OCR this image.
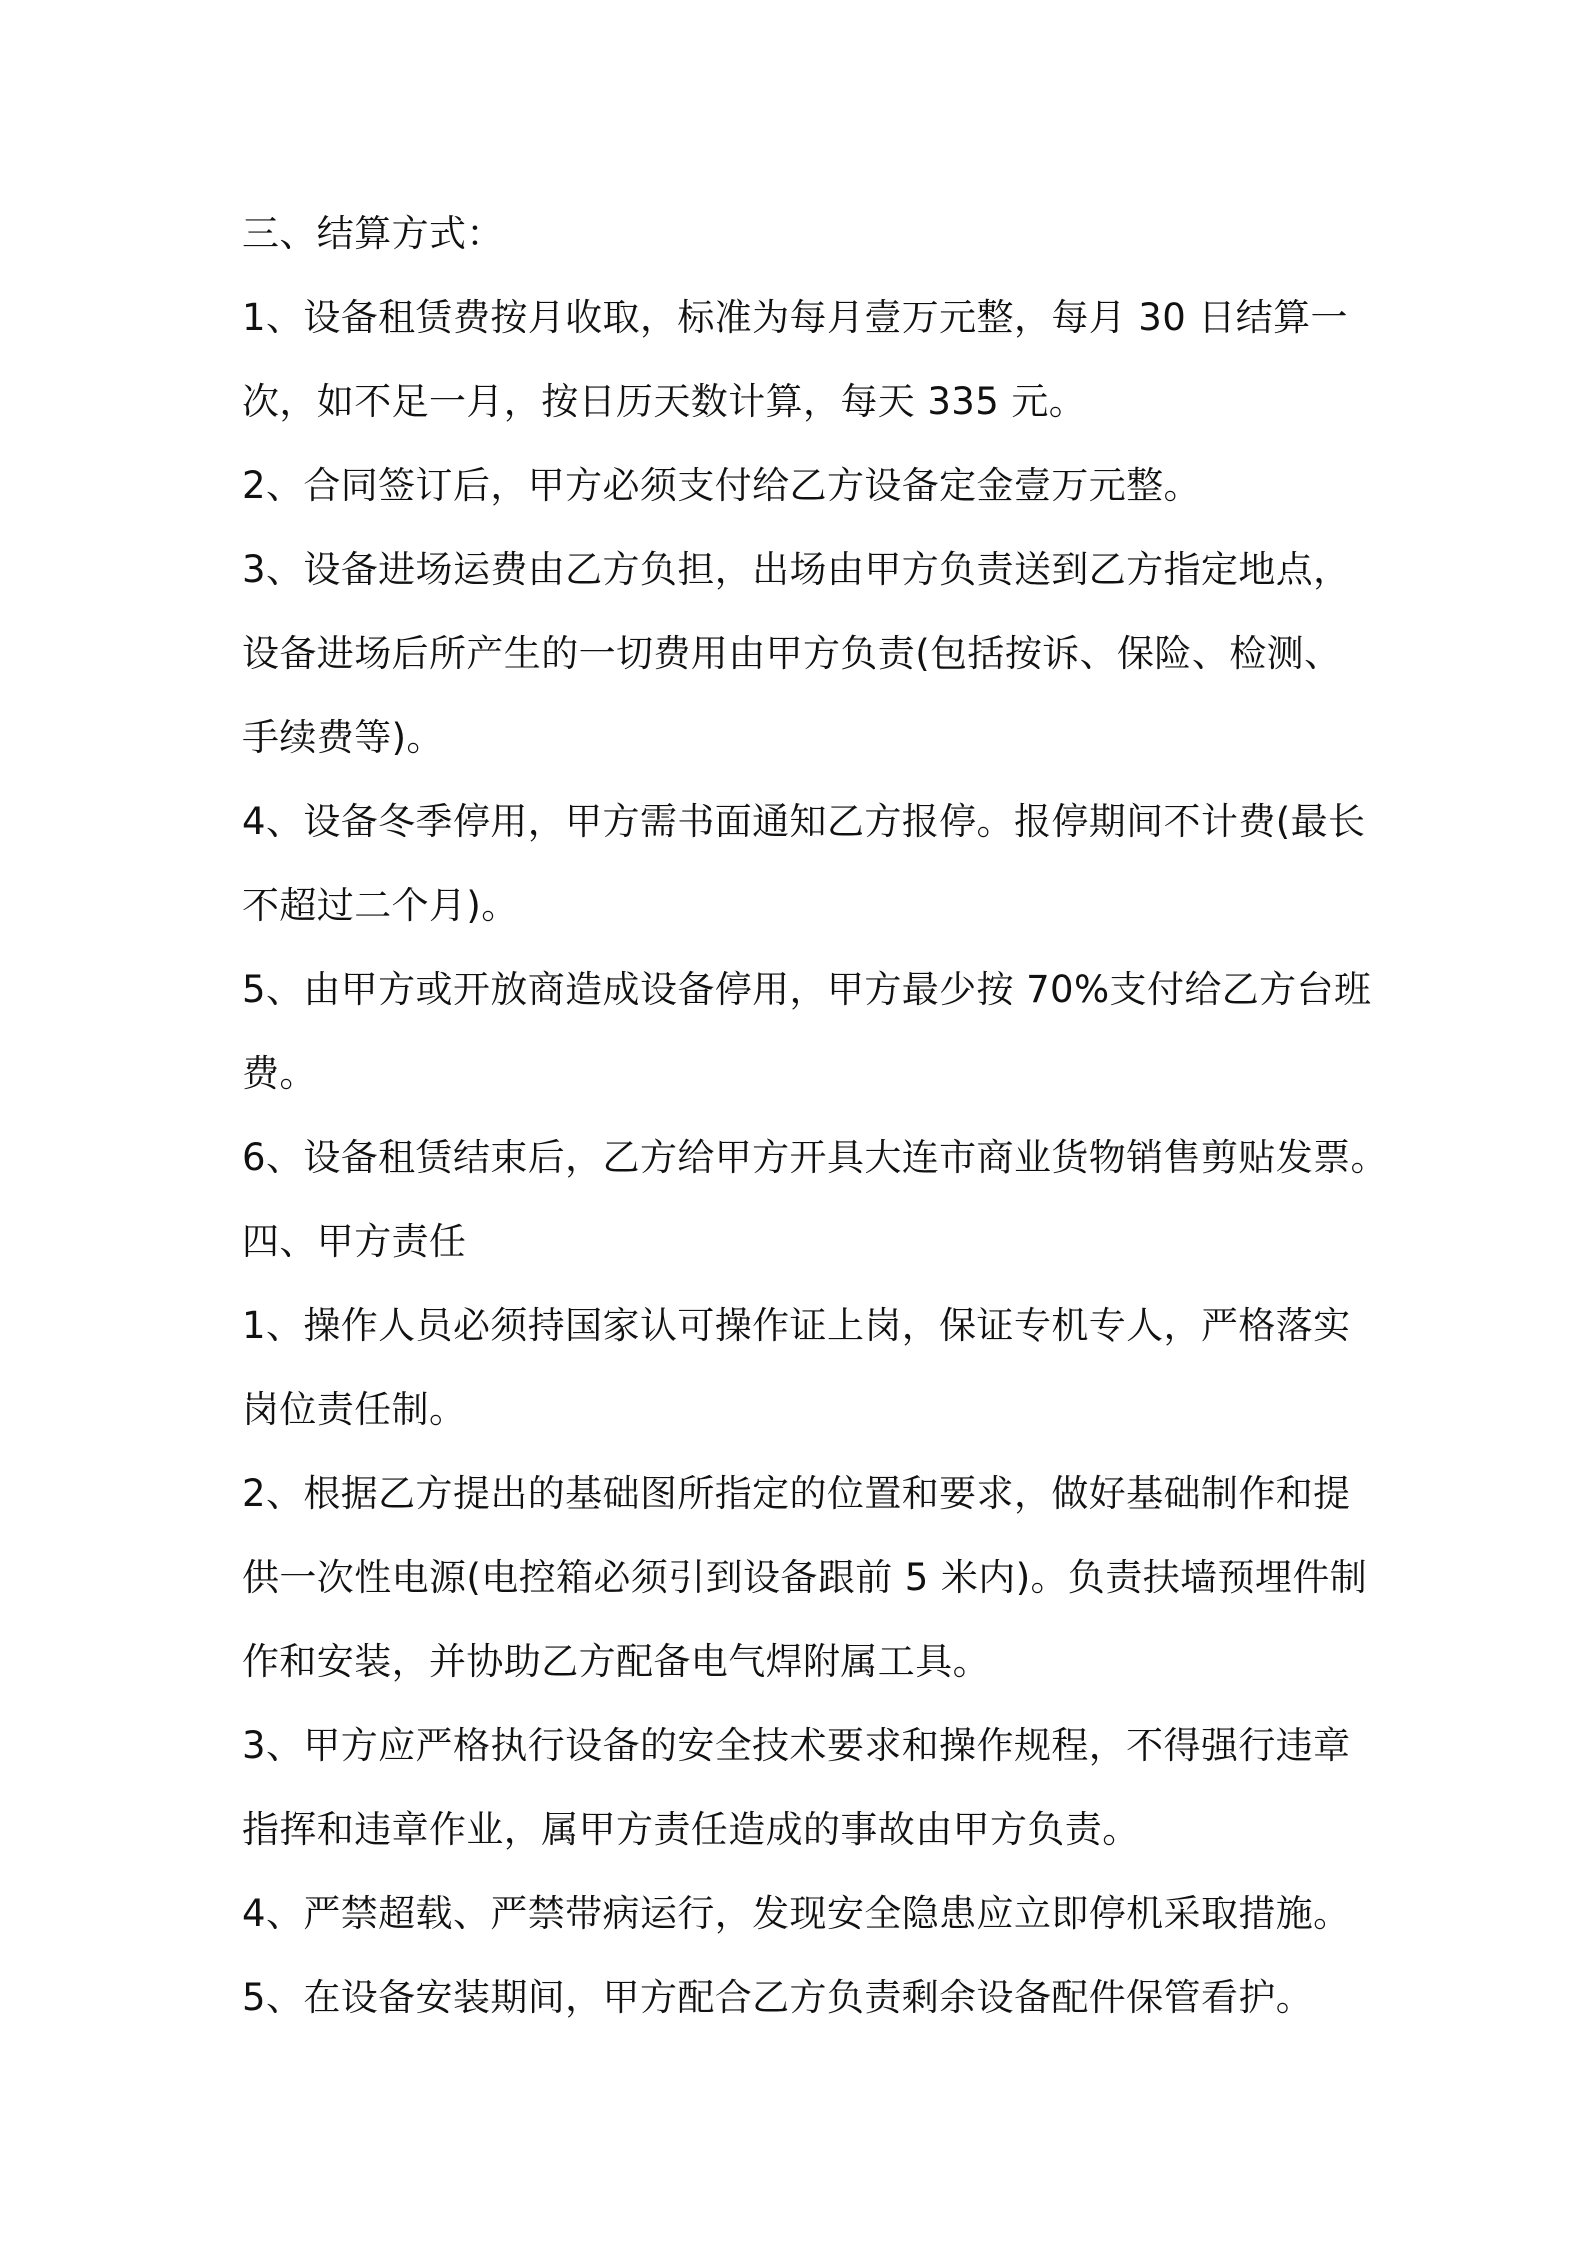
三、结算方式：
1、设备租赁费按月收取，标准为每月壹万元整，每月 30 日结算一
次，如不足一月，按日历天数计算，每天 335 元。
2、合同签订后，甲方必须支付给乙方设备定金壹万元整。
3、设备进场运费由乙方负担，出场由甲方负责送到乙方指定地点，
设备进场后所产生的一切费用由甲方负责(包括按诉、保险、检测、
手续费等)。
4、设备冬季停用，甲方需书面通知乙方报停。报停期间不计费(最长
不超过二个月)。
5、由甲方或开放商造成设备停用，甲方最少按 70%支付给乙方台班
费。
6、设备租赁结束后，乙方给甲方开具大连市商业货物销售剪贴发票。
四、甲方责任
1、操作人员必须持国家认可操作证上岗，保证专机专人，严格落实
岗位责任制。
2、根据乙方提出的基础图所指定的位置和要求，做好基础制作和提
供一次性电源(电控箱必须引到设备跟前 5 米内)。负责扶墙预埋件制
作和安装，并协助乙方配备电气焊附属工具。
3、甲方应严格执行设备的安全技术要求和操作规程，不得强行违章
指挥和违章作业，属甲方责任造成的事故由甲方负责。
4、严禁超载、严禁带病运行，发现安全隐患应立即停机采取措施。
5、在设备安装期间，甲方配合乙方负责剩余设备配件保管看护。
